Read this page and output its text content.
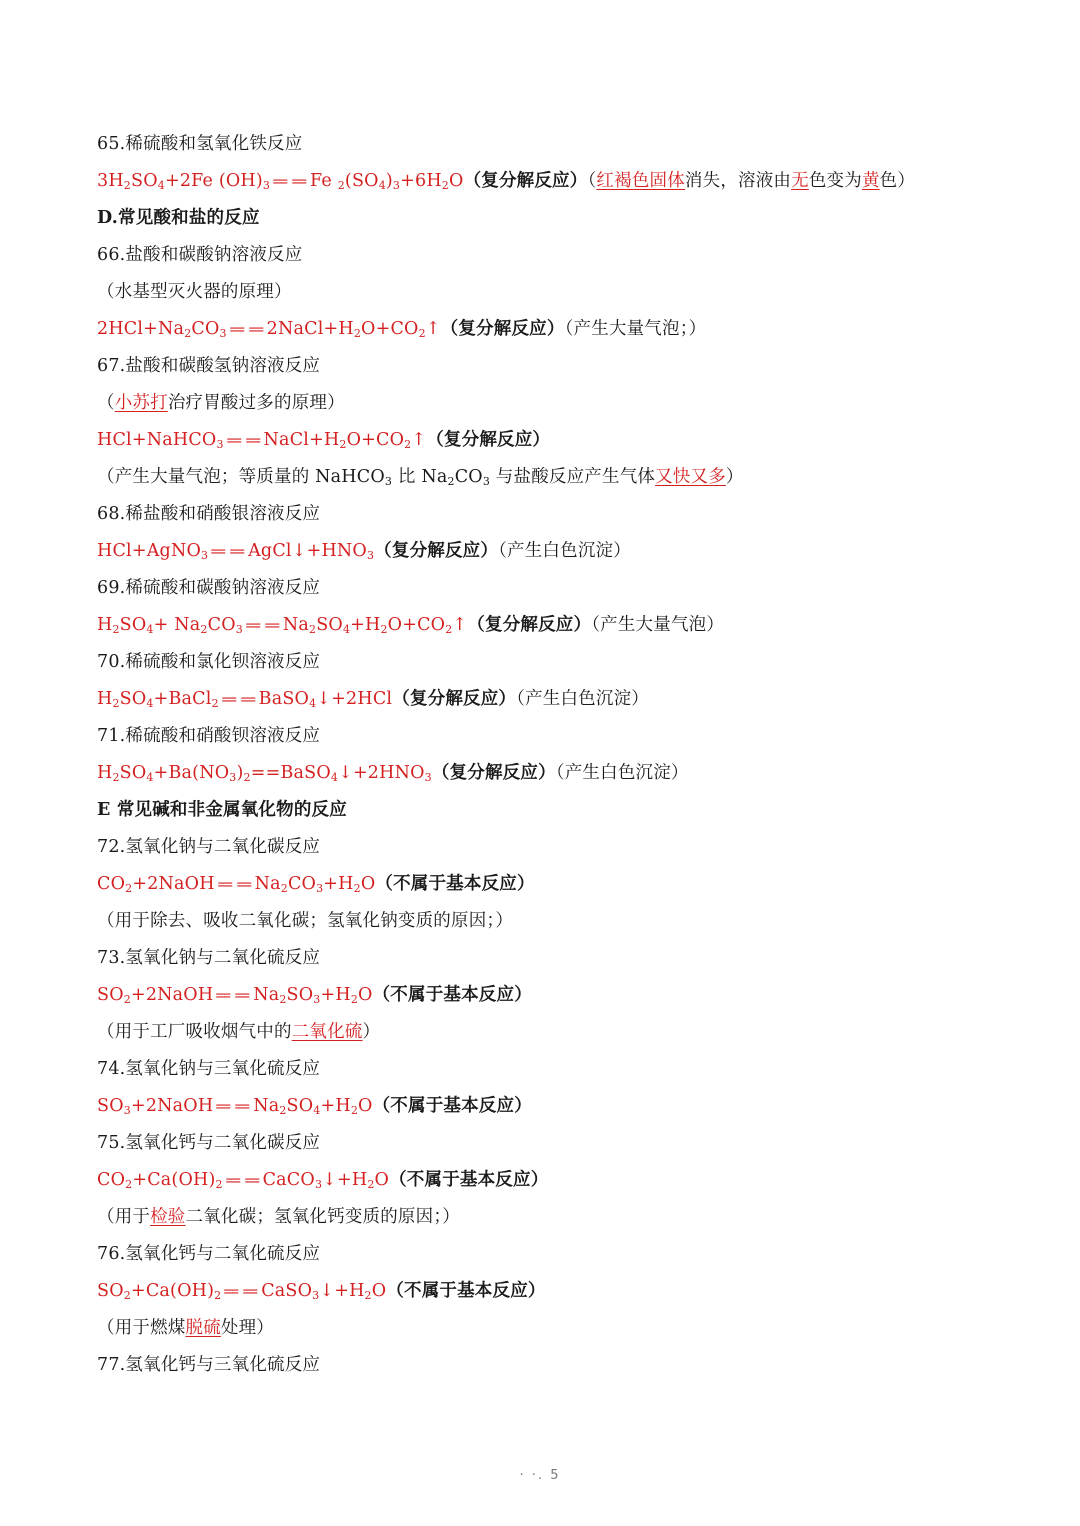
65.稀硫酸和氢氧化铁反应
$3H_2SO_4+2Fe$ $(OH)_3==Fe$ $_2(SO_4)_3+6H_2O$（复分解反应）（红褐色固体消失，溶液由无色变为黄色）
D.常见酸和盐的反应
66.盐酸和碳酸钠溶液反应
（水基型灭火器的原理）
$2HCl+Na_2CO_3==2NaCl+H_2O+CO_2↑$（复分解反应）（产生大量气泡；）
67.盐酸和碳酸氢钠溶液反应
（小苏打治疗胃酸过多的原理）
$HCl+NaHCO_3==NaCl+H_2O+CO_2↑$（复分解反应）
（产生大量气泡；等质量的 NaHCO$_3$ 比 $Na_2CO_3$ 与盐酸反应产生气体又快又多）
68.稀盐酸和硝酸银溶液反应
$HCl+AgNO_3==AgCl↓+HNO_3$（复分解反应）（产生白色沉淀）
69.稀硫酸和碳酸钠溶液反应
$H_2SO_4+$ $Na_2CO_3==Na_2SO_4+H_2O+CO_2↑$（复分解反应）（产生大量气泡）
70.稀硫酸和氯化钡溶液反应
$H_2SO_4+BaCl_2==BaSO_4↓+2HCl$（复分解反应）（产生白色沉淀）
71.稀硫酸和硝酸钡溶液反应
$H_2SO_4+Ba(NO_3)_2==BaSO_4↓+2HNO_3$（复分解反应）（产生白色沉淀）
E 常见碱和非金属氧化物的反应
72.氢氧化钠与二氧化碳反应
$CO_2+2NaOH==Na_2CO_3+H_2O$（不属于基本反应）
（用于除去、吸收二氧化碳；氢氧化钠变质的原因；）
73.氢氧化钠与二氧化硫反应
$SO_2+2NaOH==Na_2SO_3+H_2O$（不属于基本反应）
（用于工厂吸收烟气中的二氧化硫）
74.氢氧化钠与三氧化硫反应
$SO_3+2NaOH==Na_2SO_4+H_2O$（不属于基本反应）
75.氢氧化钙与二氧化碳反应
$CO_2+Ca(OH)_2==CaCO_3↓+H_2O$（不属于基本反应）
（用于检验二氧化碳；氢氧化钙变质的原因；）
76.氢氧化钙与二氧化硫反应
$SO_2+Ca(OH)_2==CaSO_3↓+H_2O$（不属于基本反应）
（用于燃煤脱硫处理）
77.氢氧化钙与三氧化硫反应
· ·. 5
